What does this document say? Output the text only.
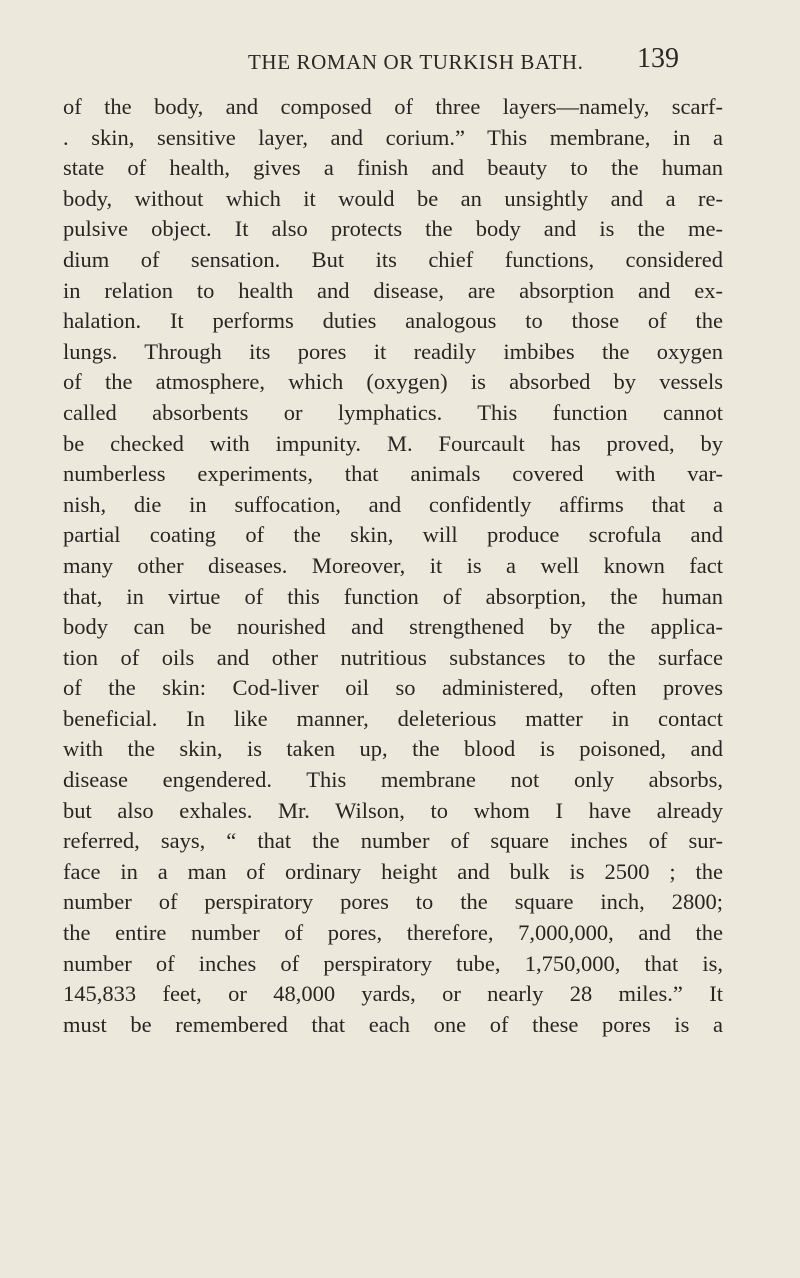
THE ROMAN OR TURKISH BATH. 139
of the body, and composed of three layers—namely, scarf-
. skin, sensitive layer, and corium.” This membrane, in a
state of health, gives a finish and beauty to the human
body, without which it would be an unsightly and a re-
pulsive object. It also protects the body and is the me-
dium of sensation. But its chief functions, considered
in relation to health and disease, are absorption and ex-
halation. It performs duties analogous to those of the
lungs. Through its pores it readily imbibes the oxygen
of the atmosphere, which (oxygen) is absorbed by vessels
called absorbents or lymphatics. This function cannot
be checked with impunity. M. Fourcault has proved, by
numberless experiments, that animals covered with var-
nish, die in suffocation, and confidently affirms that a
partial coating of the skin, will produce scrofula and
many other diseases. Moreover, it is a well known fact
that, in virtue of this function of absorption, the human
body can be nourished and strengthened by the applica-
tion of oils and other nutritious substances to the surface
of the skin: Cod-liver oil so administered, often proves
beneficial. In like manner, deleterious matter in contact
with the skin, is taken up, the blood is poisoned, and
disease engendered. This membrane not only absorbs,
but also exhales. Mr. Wilson, to whom I have already
referred, says, “ that the number of square inches of sur-
face in a man of ordinary height and bulk is 2500 ; the
number of perspiratory pores to the square inch, 2800;
the entire number of pores, therefore, 7,000,000, and the
number of inches of perspiratory tube, 1,750,000, that is,
145,833 feet, or 48,000 yards, or nearly 28 miles.” It
must be remembered that each one of these pores is a
